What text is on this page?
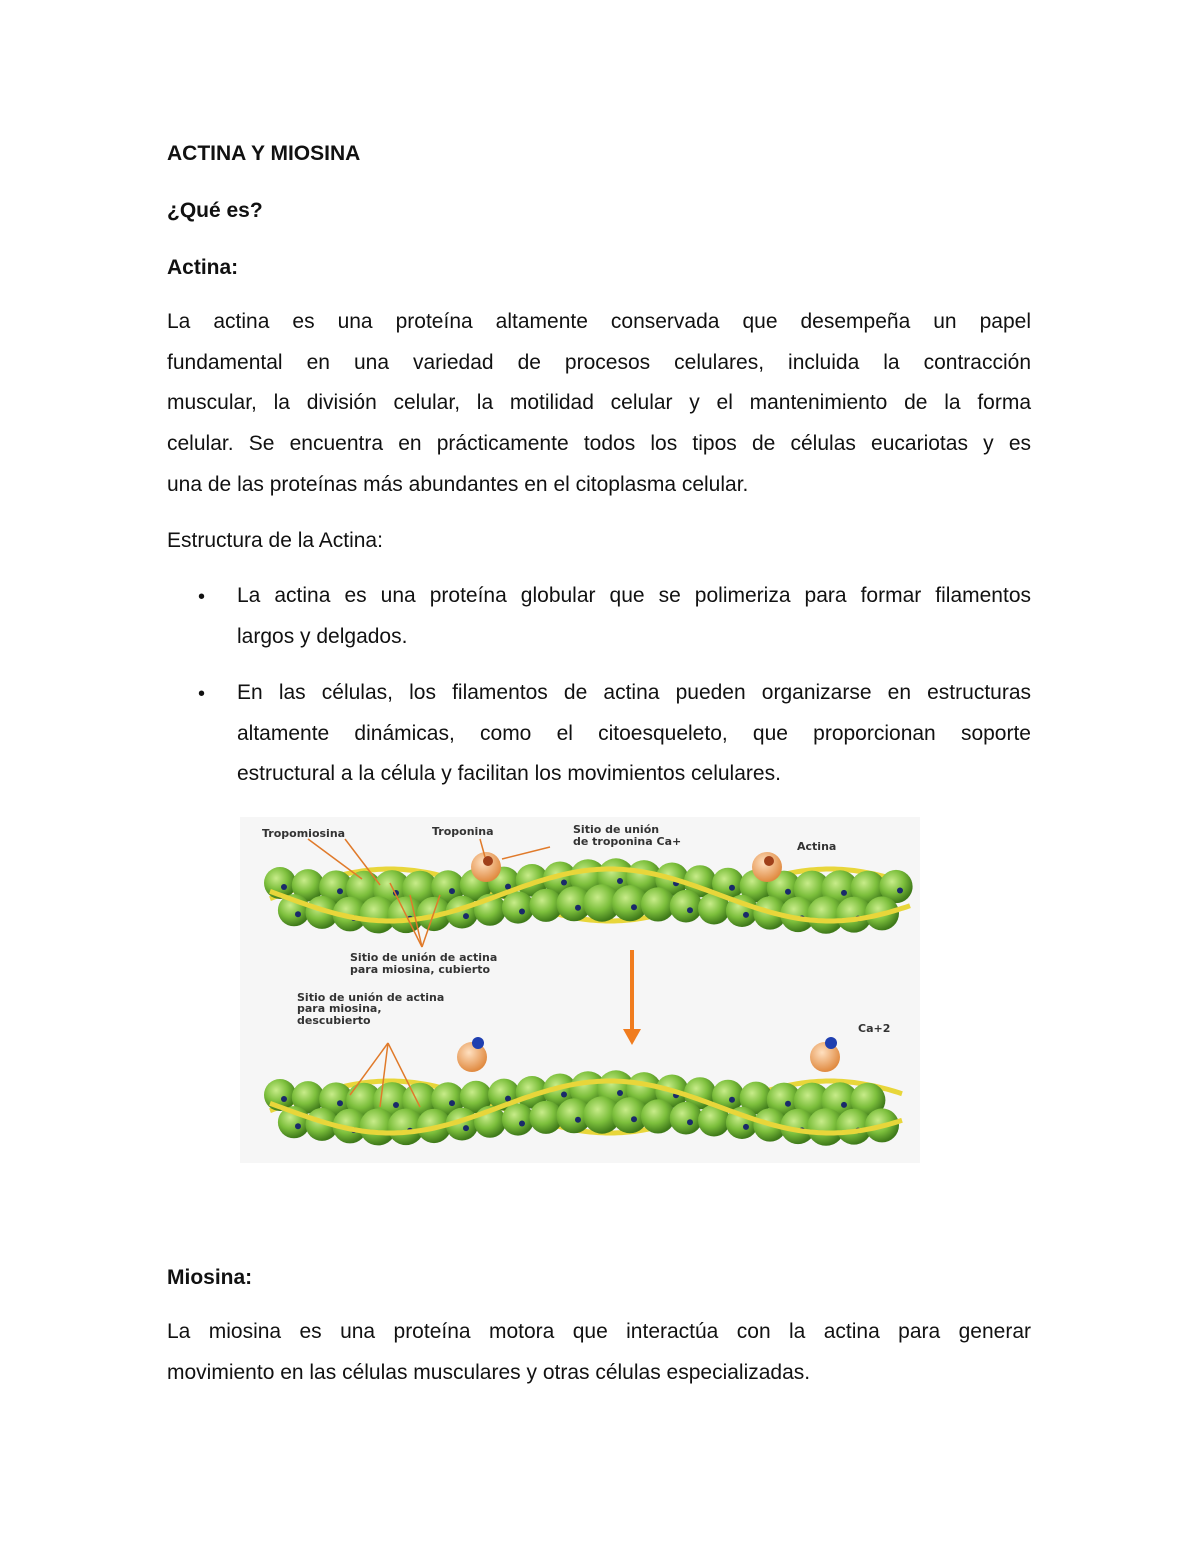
ACTINA Y MIOSINA

¿Qué es?

Actina:

La actina es una proteína altamente conservada que desempeña un papel
fundamental en una variedad de procesos celulares, incluida la contracción
muscular, la división celular, la motilidad celular y el mantenimiento de la forma
celular. Se encuentra en prácticamente todos los tipos de células eucariotas y es
una de las proteínas más abundantes en el citoplasma celular.

Estructura de la Actina:

• La actina es una proteína globular que se polimeriza para formar filamentos
largos y delgados.
• En las células, los filamentos de actina pueden organizarse en estructuras
altamente dinámicas, como el citoesqueleto, que proporcionan soporte
estructural a la célula y facilitan los movimientos celulares.
Tropomiosina	Troponina	Sitio de unión
de troponina Ca+	Actina
Sitio de unión de actina
para miosina, cubierto
Sitio de unión de actina
para miosina,
descubierto
Ca+2

Miosina:

La miosina es una proteína motora que interactúa con la actina para generar
movimiento en las células musculares y otras células especializadas.
